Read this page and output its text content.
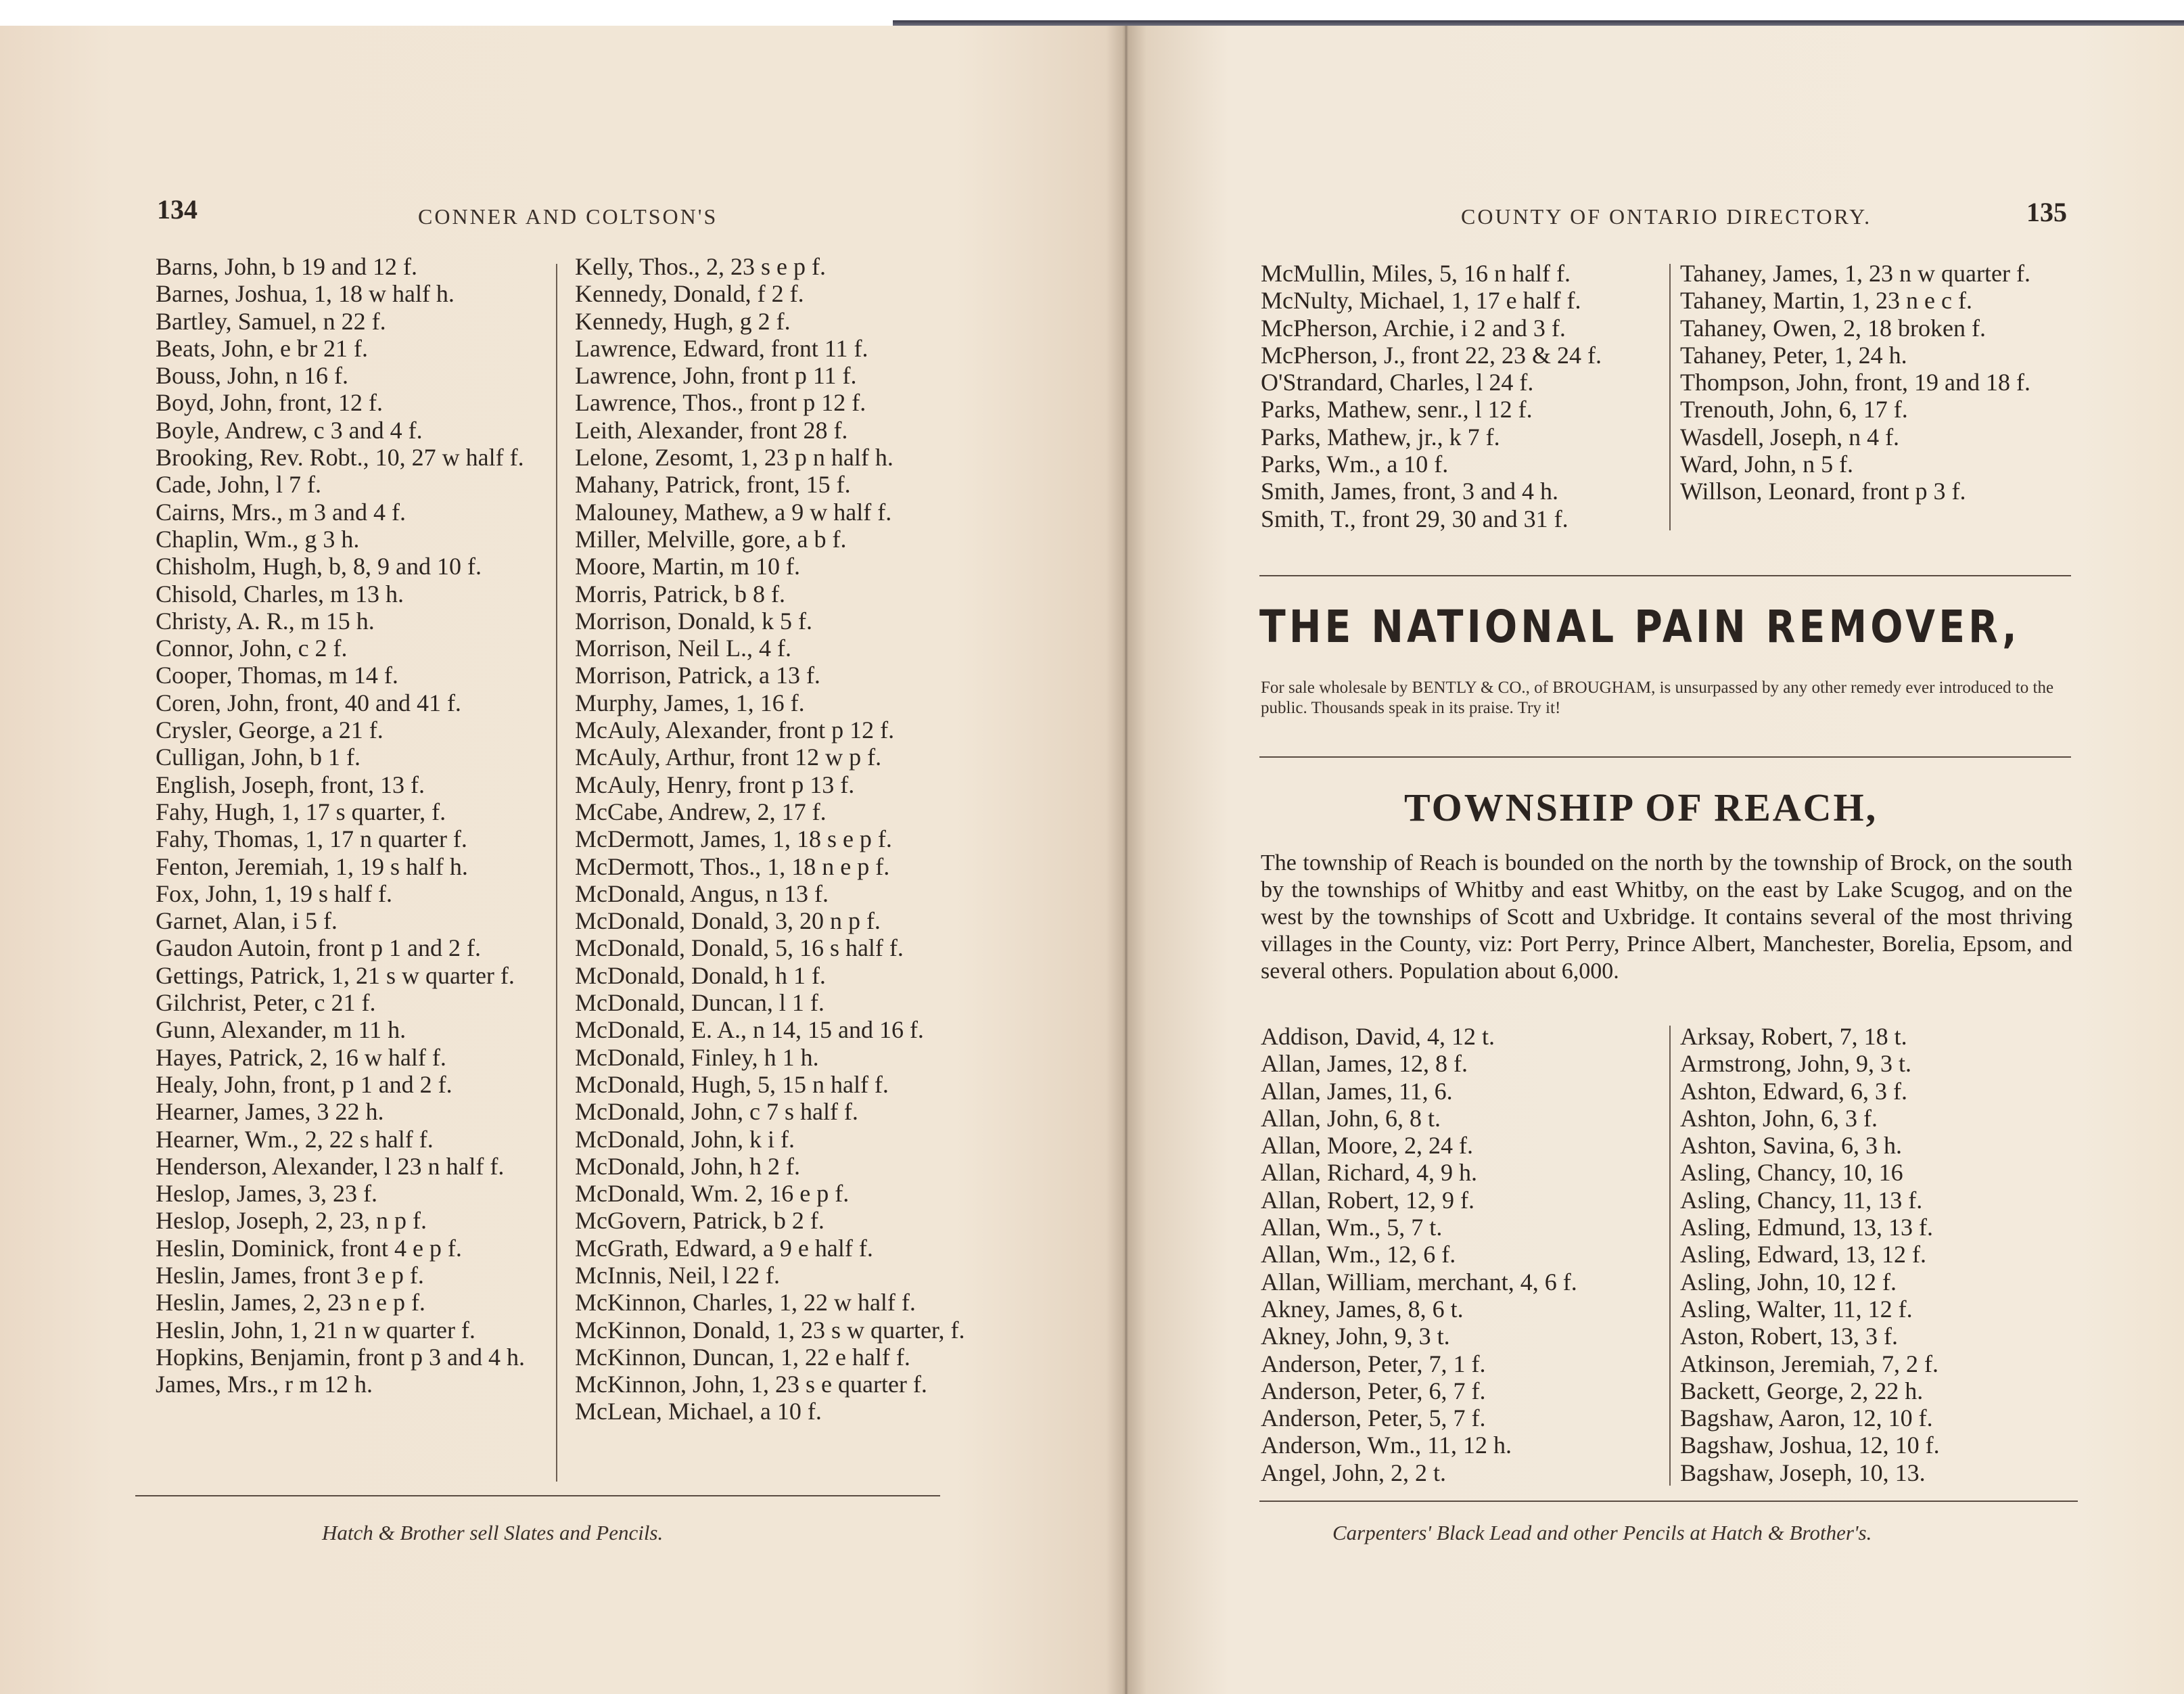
134	CONNER AND COLTSON'S
Barns, John, b 19 and 12 f.
Barnes, Joshua, 1, 18 w half h.
Bartley, Samuel, n 22 f.
Beats, John, e br 21 f.
Bouss, John, n 16 f.
Boyd, John, front, 12 f.
Boyle, Andrew, c 3 and 4 f.
Brooking, Rev. Robt., 10, 27 w half f.
Cade, John, l 7 f.
Cairns, Mrs., m 3 and 4 f.
Chaplin, Wm., g 3 h.
Chisholm, Hugh, b, 8, 9 and 10 f.
Chisold, Charles, m 13 h.
Christy, A. R., m 15 h.
Connor, John, c 2 f.
Cooper, Thomas, m 14 f.
Coren, John, front, 40 and 41 f.
Crysler, George, a 21 f.
Culligan, John, b 1 f.
English, Joseph, front, 13 f.
Fahy, Hugh, 1, 17 s quarter, f.
Fahy, Thomas, 1, 17 n quarter f.
Fenton, Jeremiah, 1, 19 s half h.
Fox, John, 1, 19 s half f.
Garnet, Alan, i 5 f.
Gaudon Autoin, front p 1 and 2 f.
Gettings, Patrick, 1, 21 s w quarter f.
Gilchrist, Peter, c 21 f.
Gunn, Alexander, m 11 h.
Hayes, Patrick, 2, 16 w half f.
Healy, John, front, p 1 and 2 f.
Hearner, James, 3 22 h.
Hearner, Wm., 2, 22 s half f.
Henderson, Alexander, l 23 n half f.
Heslop, James, 3, 23 f.
Heslop, Joseph, 2, 23, n p f.
Heslin, Dominick, front 4 e p f.
Heslin, James, front 3 e p f.
Heslin, James, 2, 23 n e p f.
Heslin, John, 1, 21 n w quarter f.
Hopkins, Benjamin, front p 3 and 4 h.
James, Mrs., r m 12 h.
Kelly, Thos., 2, 23 s e p f.
Kennedy, Donald, f 2 f.
Kennedy, Hugh, g 2 f.
Lawrence, Edward, front 11 f.
Lawrence, John, front p 11 f.
Lawrence, Thos., front p 12 f.
Leith, Alexander, front 28 f.
Lelone, Zesomt, 1, 23 p n half h.
Mahany, Patrick, front, 15 f.
Malouney, Mathew, a 9 w half f.
Miller, Melville, gore, a b f.
Moore, Martin, m 10 f.
Morris, Patrick, b 8 f.
Morrison, Donald, k 5 f.
Morrison, Neil L., 4 f.
Morrison, Patrick, a 13 f.
Murphy, James, 1, 16 f.
McAuly, Alexander, front p 12 f.
McAuly, Arthur, front 12 w p f.
McAuly, Henry, front p 13 f.
McCabe, Andrew, 2, 17 f.
McDermott, James, 1, 18 s e p f.
McDermott, Thos., 1, 18 n e p f.
McDonald, Angus, n 13 f.
McDonald, Donald, 3, 20 n p f.
McDonald, Donald, 5, 16 s half f.
McDonald, Donald, h 1 f.
McDonald, Duncan, l 1 f.
McDonald, E. A., n 14, 15 and 16 f.
McDonald, Finley, h 1 h.
McDonald, Hugh, 5, 15 n half f.
McDonald, John, c 7 s half f.
McDonald, John, k i f.
McDonald, John, h 2 f.
McDonald, Wm. 2, 16 e p f.
McGovern, Patrick, b 2 f.
McGrath, Edward, a 9 e half f.
McInnis, Neil, l 22 f.
McKinnon, Charles, 1, 22 w half f.
McKinnon, Donald, 1, 23 s w quarter, f.
McKinnon, Duncan, 1, 22 e half f.
McKinnon, John, 1, 23 s e quarter f.
McLean, Michael, a 10 f.
Hatch & Brother sell Slates and Pencils.
COUNTY OF ONTARIO DIRECTORY.	135
McMullin, Miles, 5, 16 n half f.
McNulty, Michael, 1, 17 e half f.
McPherson, Archie, i 2 and 3 f.
McPherson, J., front 22, 23 & 24 f.
O'Strandard, Charles, l 24 f.
Parks, Mathew, senr., l 12 f.
Parks, Mathew, jr., k 7 f.
Parks, Wm., a 10 f.
Smith, James, front, 3 and 4 h.
Smith, T., front 29, 30 and 31 f.
Tahaney, James, 1, 23 n w quarter f.
Tahaney, Martin, 1, 23 n e c f.
Tahaney, Owen, 2, 18 broken f.
Tahaney, Peter, 1, 24 h.
Thompson, John, front, 19 and 18 f.
Trenouth, John, 6, 17 f.
Wasdell, Joseph, n 4 f.
Ward, John, n 5 f.
Willson, Leonard, front p 3 f.
THE NATIONAL PAIN REMOVER,
For sale wholesale by BENTLY & CO., of BROUGHAM, is unsurpassed by any other remedy ever introduced to the public. Thousands speak in its praise. Try it!
TOWNSHIP OF REACH,
The township of Reach is bounded on the north by the township of Brock, on the south by the townships of Whitby and east Whitby, on the east by Lake Scugog, and on the west by the townships of Scott and Uxbridge. It contains several of the most thriving villages in the County, viz: Port Perry, Prince Albert, Manchester, Borelia, Epsom, and several others. Population about 6,000.
Addison, David, 4, 12 t.
Allan, James, 12, 8 f.
Allan, James, 11, 6.
Allan, John, 6, 8 t.
Allan, Moore, 2, 24 f.
Allan, Richard, 4, 9 h.
Allan, Robert, 12, 9 f.
Allan, Wm., 5, 7 t.
Allan, Wm., 12, 6 f.
Allan, William, merchant, 4, 6 f.
Akney, James, 8, 6 t.
Akney, John, 9, 3 t.
Anderson, Peter, 7, 1 f.
Anderson, Peter, 6, 7 f.
Anderson, Peter, 5, 7 f.
Anderson, Wm., 11, 12 h.
Angel, John, 2, 2 t.
Arksay, Robert, 7, 18 t.
Armstrong, John, 9, 3 t.
Ashton, Edward, 6, 3 f.
Ashton, John, 6, 3 f.
Ashton, Savina, 6, 3 h.
Asling, Chancy, 10, 16
Asling, Chancy, 11, 13 f.
Asling, Edmund, 13, 13 f.
Asling, Edward, 13, 12 f.
Asling, John, 10, 12 f.
Asling, Walter, 11, 12 f.
Aston, Robert, 13, 3 f.
Atkinson, Jeremiah, 7, 2 f.
Backett, George, 2, 22 h.
Bagshaw, Aaron, 12, 10 f.
Bagshaw, Joshua, 12, 10 f.
Bagshaw, Joseph, 10, 13.
Carpenters' Black Lead and other Pencils at Hatch & Brother's.
